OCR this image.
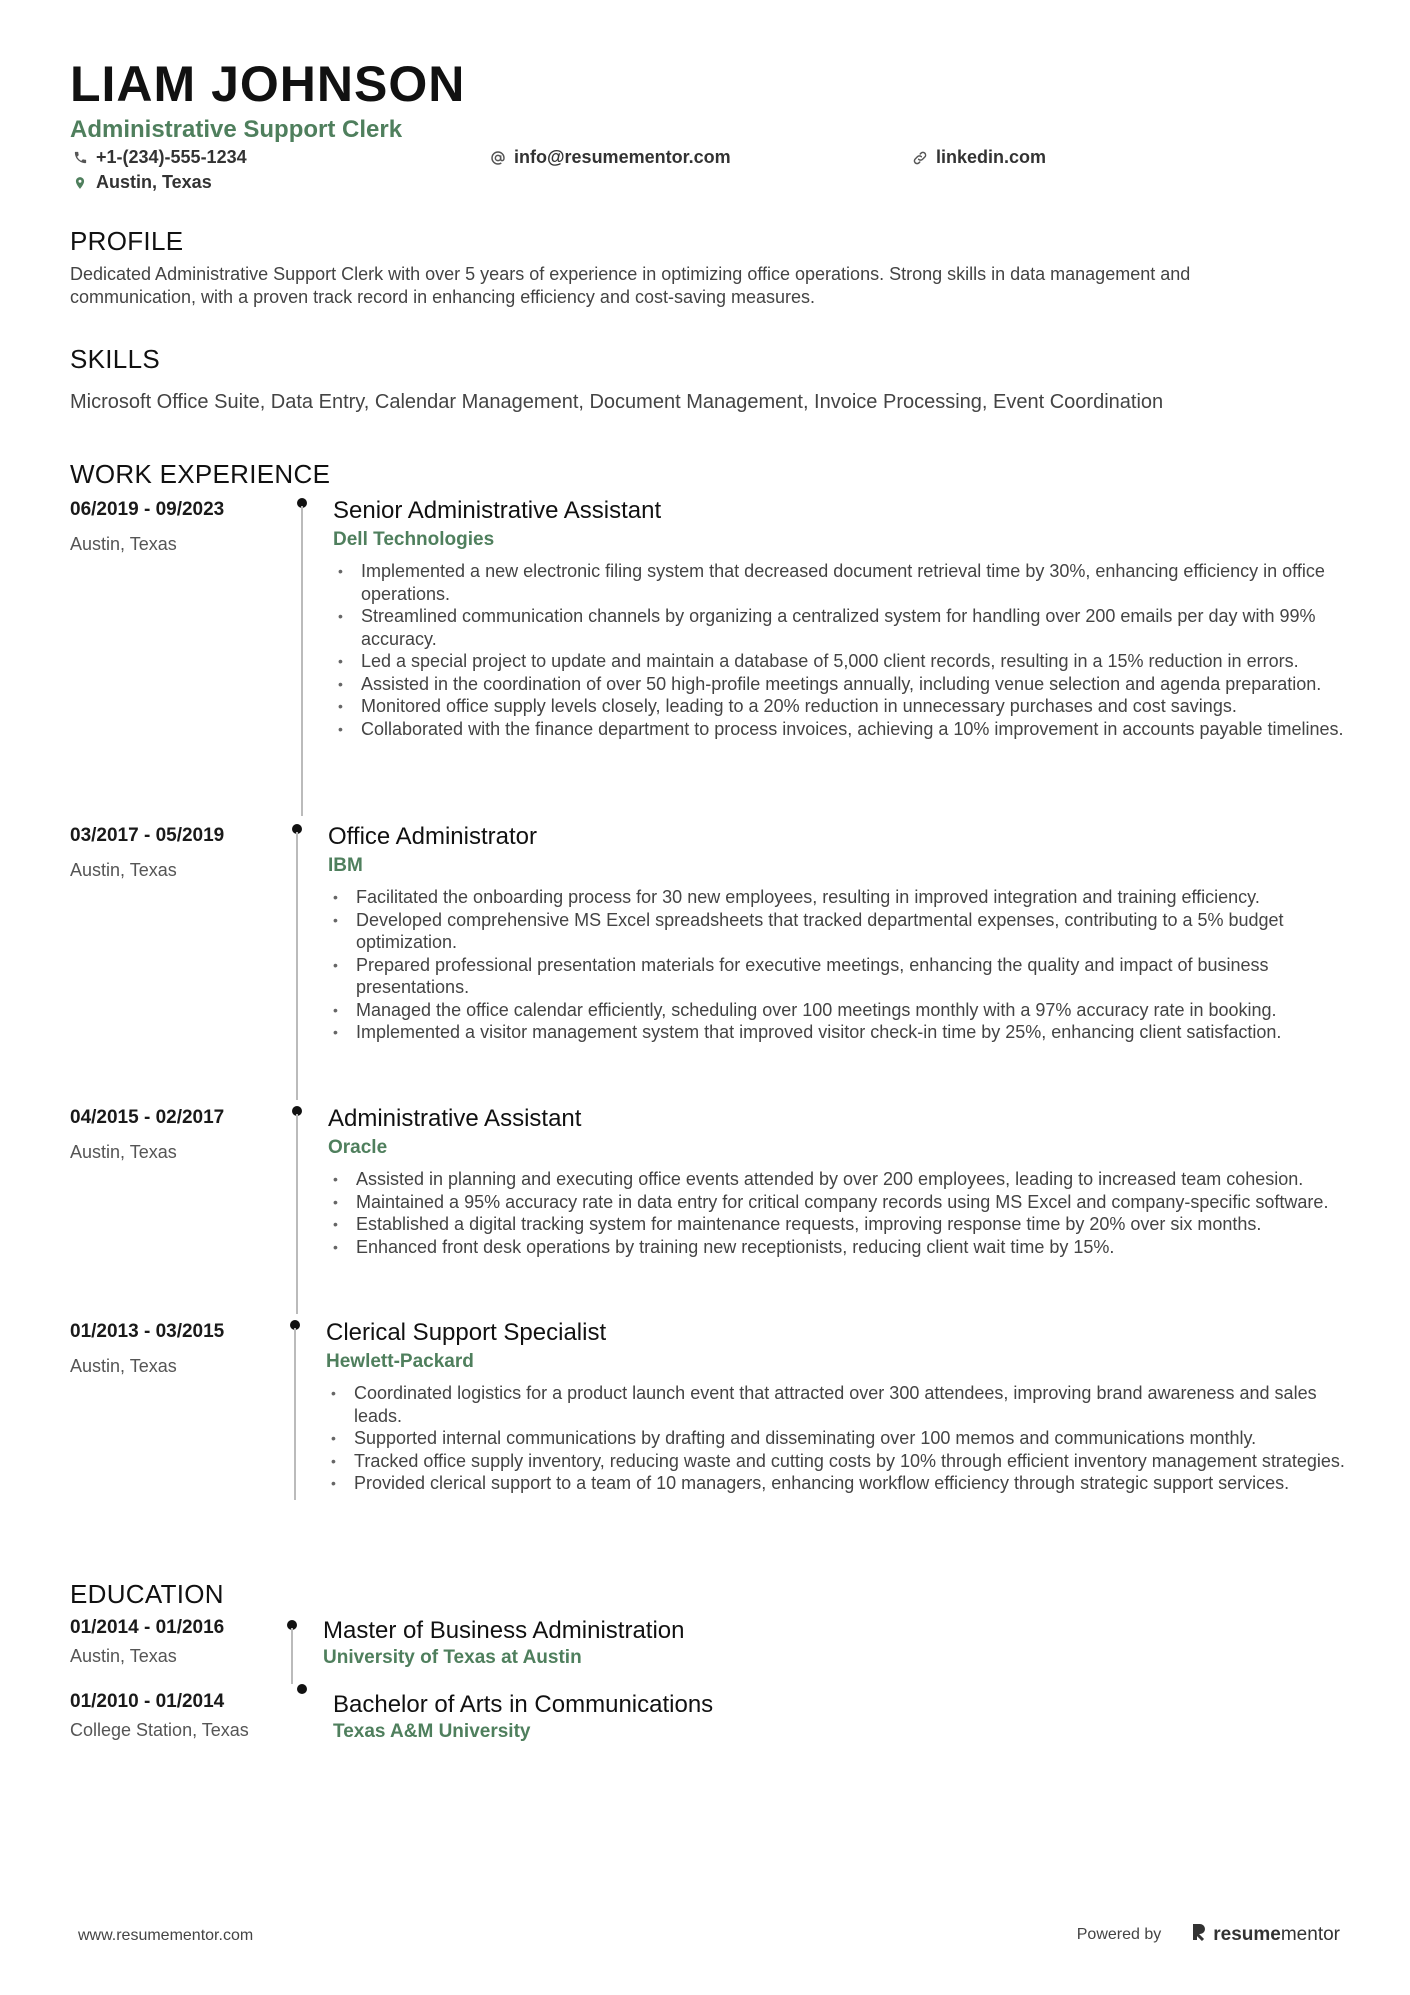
LIAM JOHNSON
Administrative Support Clerk
+1-(234)-555-1234	info@resumementor.com	linkedin.com
Austin, Texas
PROFILE
Dedicated Administrative Support Clerk with over 5 years of experience in optimizing office operations. Strong skills in data management and communication, with a proven track record in enhancing efficiency and cost-saving measures.
SKILLS
Microsoft Office Suite, Data Entry, Calendar Management, Document Management, Invoice Processing, Event Coordination
WORK EXPERIENCE
06/2019 - 09/2023
Austin, Texas
Senior Administrative Assistant
Dell Technologies
• Implemented a new electronic filing system that decreased document retrieval time by 30%, enhancing efficiency in office operations.
• Streamlined communication channels by organizing a centralized system for handling over 200 emails per day with 99% accuracy.
• Led a special project to update and maintain a database of 5,000 client records, resulting in a 15% reduction in errors.
• Assisted in the coordination of over 50 high-profile meetings annually, including venue selection and agenda preparation.
• Monitored office supply levels closely, leading to a 20% reduction in unnecessary purchases and cost savings.
• Collaborated with the finance department to process invoices, achieving a 10% improvement in accounts payable timelines.
03/2017 - 05/2019
Austin, Texas
Office Administrator
IBM
• Facilitated the onboarding process for 30 new employees, resulting in improved integration and training efficiency.
• Developed comprehensive MS Excel spreadsheets that tracked departmental expenses, contributing to a 5% budget optimization.
• Prepared professional presentation materials for executive meetings, enhancing the quality and impact of business presentations.
• Managed the office calendar efficiently, scheduling over 100 meetings monthly with a 97% accuracy rate in booking.
• Implemented a visitor management system that improved visitor check-in time by 25%, enhancing client satisfaction.
04/2015 - 02/2017
Austin, Texas
Administrative Assistant
Oracle
• Assisted in planning and executing office events attended by over 200 employees, leading to increased team cohesion.
• Maintained a 95% accuracy rate in data entry for critical company records using MS Excel and company-specific software.
• Established a digital tracking system for maintenance requests, improving response time by 20% over six months.
• Enhanced front desk operations by training new receptionists, reducing client wait time by 15%.
01/2013 - 03/2015
Austin, Texas
Clerical Support Specialist
Hewlett-Packard
• Coordinated logistics for a product launch event that attracted over 300 attendees, improving brand awareness and sales leads.
• Supported internal communications by drafting and disseminating over 100 memos and communications monthly.
• Tracked office supply inventory, reducing waste and cutting costs by 10% through efficient inventory management strategies.
• Provided clerical support to a team of 10 managers, enhancing workflow efficiency through strategic support services.
EDUCATION
01/2014 - 01/2016
Austin, Texas
Master of Business Administration
University of Texas at Austin
01/2010 - 01/2014
College Station, Texas
Bachelor of Arts in Communications
Texas A&M University
www.resumementor.com	Powered by	resumementor
